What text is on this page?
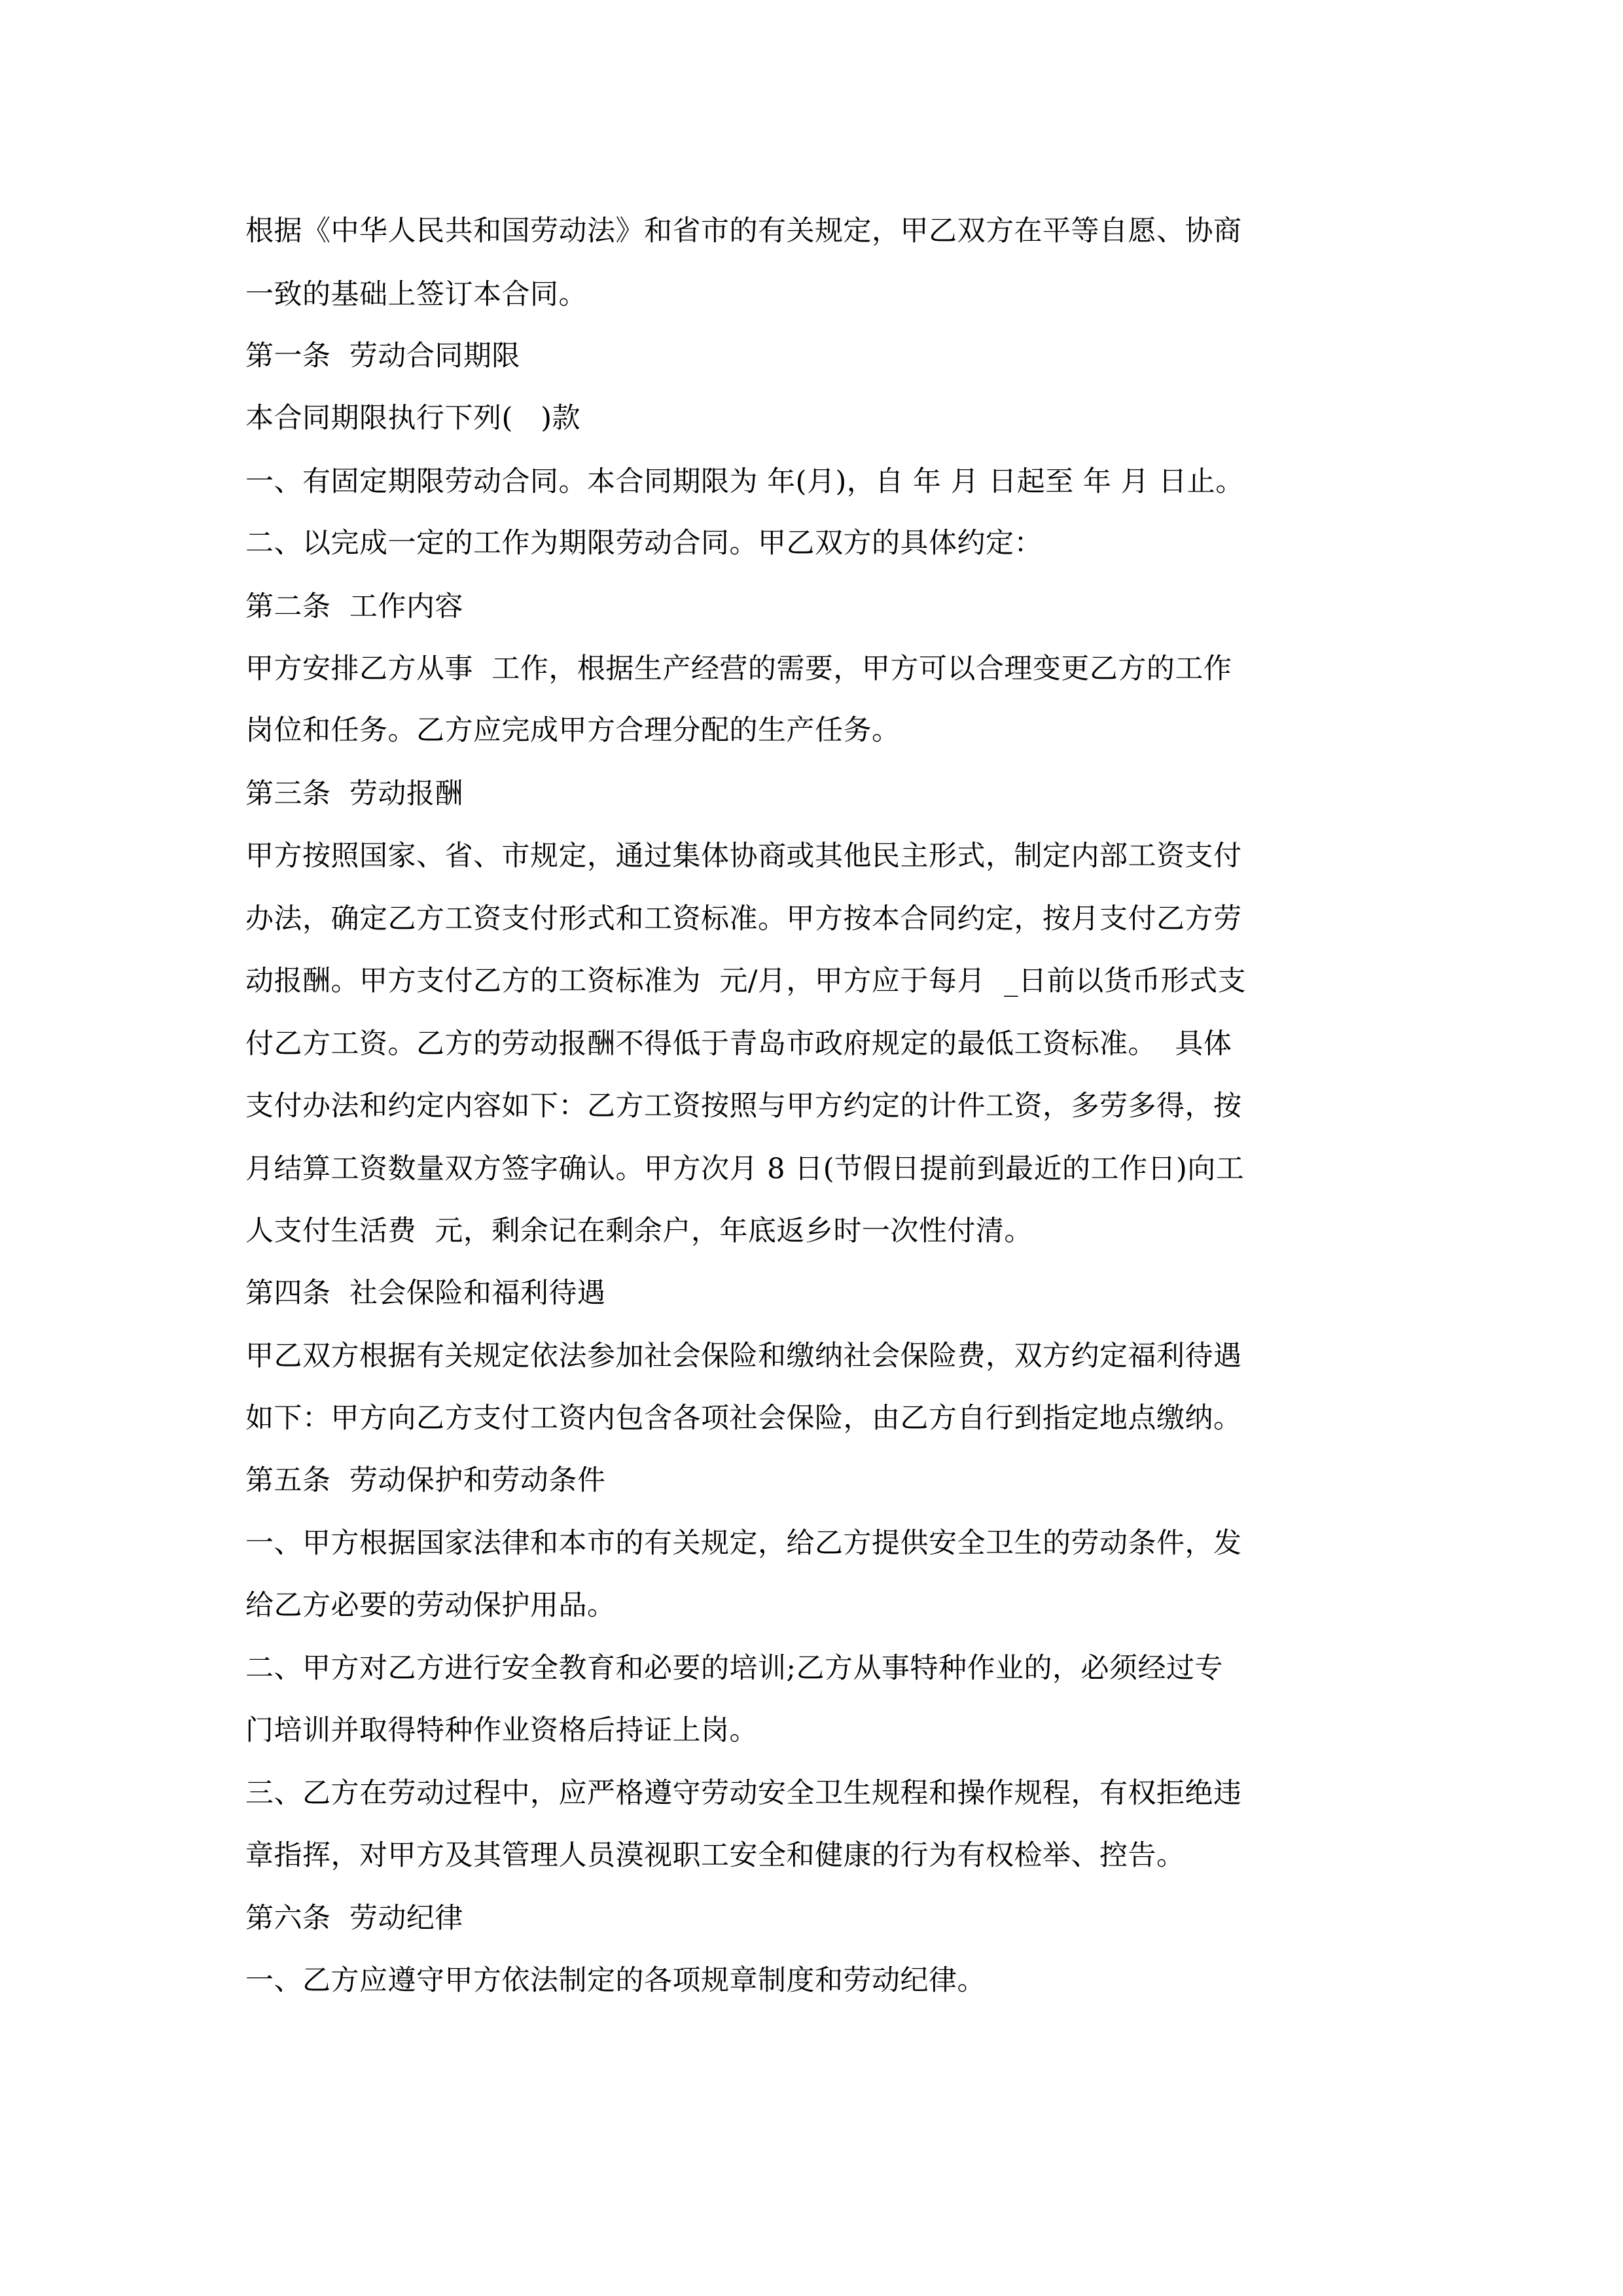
根据《中华人民共和国劳动法》和省市的有关规定，甲乙双方在平等自愿、协商
一致的基础上签订本合同。
第一条  劳动合同期限
本合同期限执行下列(   )款
一、有固定期限劳动合同。本合同期限为 年(月)，自 年 月 日起至 年 月 日止。
二、以完成一定的工作为期限劳动合同。甲乙双方的具体约定：
第二条  工作内容
甲方安排乙方从事  工作，根据生产经营的需要，甲方可以合理变更乙方的工作
岗位和任务。乙方应完成甲方合理分配的生产任务。
第三条  劳动报酬
甲方按照国家、省、市规定，通过集体协商或其他民主形式，制定内部工资支付
办法，确定乙方工资支付形式和工资标准。甲方按本合同约定，按月支付乙方劳
动报酬。甲方支付乙方的工资标准为  元/月，甲方应于每月  _日前以货币形式支
付乙方工资。乙方的劳动报酬不得低于青岛市政府规定的最低工资标准。  具体
支付办法和约定内容如下：乙方工资按照与甲方约定的计件工资，多劳多得，按
月结算工资数量双方签字确认。甲方次月 8 日(节假日提前到最近的工作日)向工
人支付生活费  元，剩余记在剩余户，年底返乡时一次性付清。
第四条  社会保险和福利待遇
甲乙双方根据有关规定依法参加社会保险和缴纳社会保险费，双方约定福利待遇
如下：甲方向乙方支付工资内包含各项社会保险，由乙方自行到指定地点缴纳。
第五条  劳动保护和劳动条件
一、甲方根据国家法律和本市的有关规定，给乙方提供安全卫生的劳动条件，发
给乙方必要的劳动保护用品。
二、甲方对乙方进行安全教育和必要的培训;乙方从事特种作业的，必须经过专
门培训并取得特种作业资格后持证上岗。
三、乙方在劳动过程中，应严格遵守劳动安全卫生规程和操作规程，有权拒绝违
章指挥，对甲方及其管理人员漠视职工安全和健康的行为有权检举、控告。
第六条  劳动纪律
一、乙方应遵守甲方依法制定的各项规章制度和劳动纪律。
